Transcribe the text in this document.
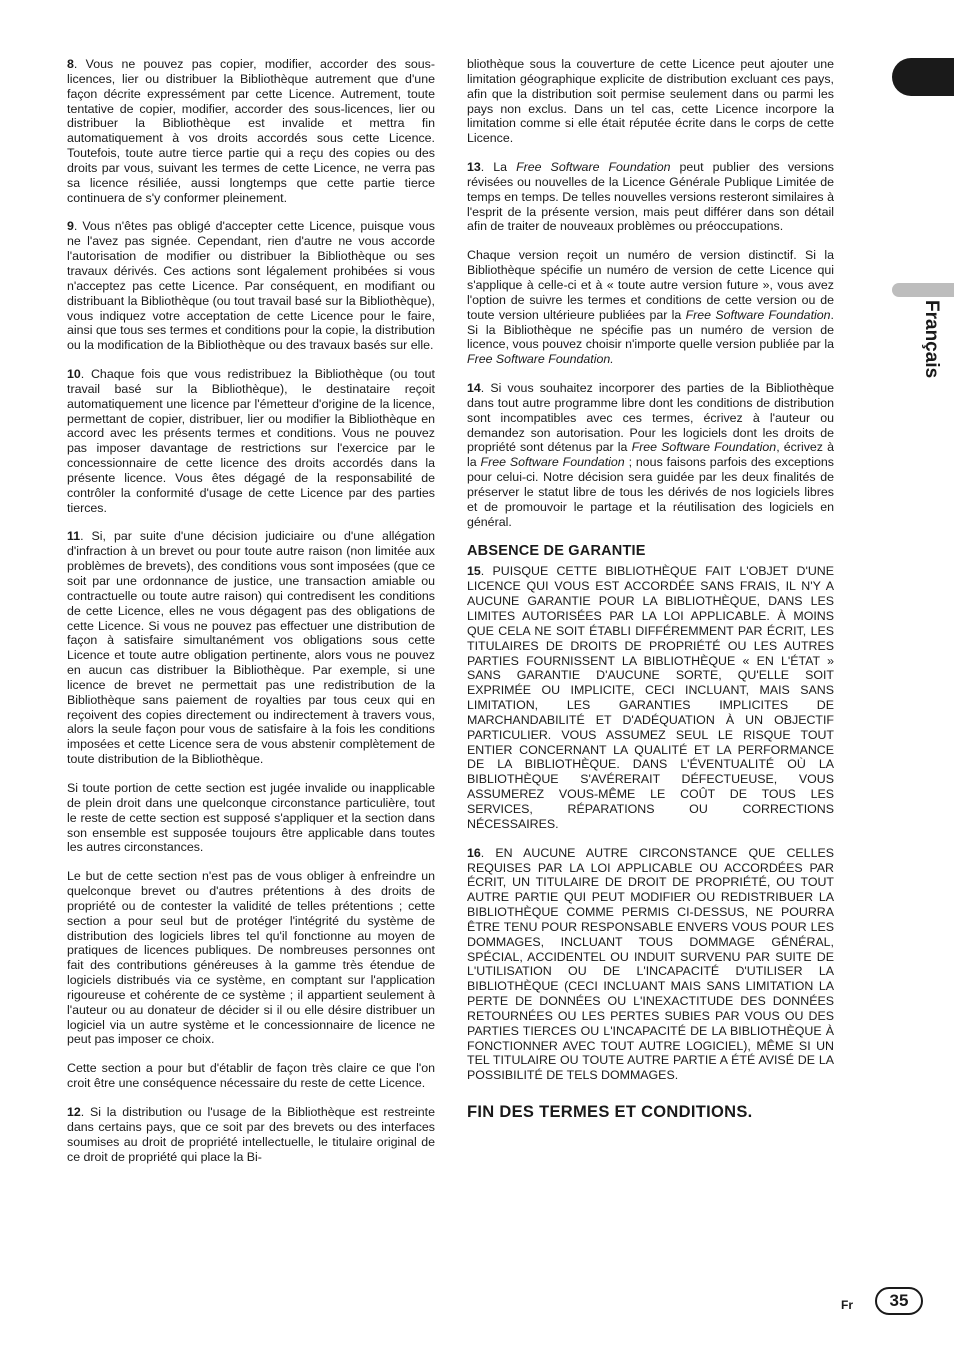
Français

8. Vous ne pouvez pas copier, modifier, accorder des sous-licences, lier ou distribuer la Bibliothèque autrement que d'une façon décrite expressément par cette Licence. Autrement, toute tentative de copier, modifier, accorder des sous-licences, lier ou distribuer la Bibliothèque est invalide et mettra fin automatiquement à vos droits accordés sous cette Licence. Toutefois, toute autre tierce partie qui a reçu des copies ou des droits par vous, suivant les termes de cette Licence, ne verra pas sa licence résiliée, aussi longtemps que cette partie tierce continuera de s'y conformer pleinement.

9. Vous n'êtes pas obligé d'accepter cette Licence, puisque vous ne l'avez pas signée. Cependant, rien d'autre ne vous accorde l'autorisation de modifier ou distribuer la Bibliothèque ou ses travaux dérivés. Ces actions sont légalement prohibées si vous n'acceptez pas cette Licence. Par conséquent, en modifiant ou distribuant la Bibliothèque (ou tout travail basé sur la Bibliothèque), vous indiquez votre acceptation de cette Licence pour le faire, ainsi que tous ses termes et conditions pour la copie, la distribution ou la modification de la Bibliothèque ou des travaux basés sur elle.

10. Chaque fois que vous redistribuez la Bibliothèque (ou tout travail basé sur la Bibliothèque), le destinataire reçoit automatiquement une licence par l'émetteur d'origine de la licence, permettant de copier, distribuer, lier ou modifier la Bibliothèque en accord avec les présents termes et conditions. Vous ne pouvez pas imposer davantage de restrictions sur l'exercice par le concessionnaire de cette licence des droits accordés dans la présente licence. Vous êtes dégagé de la responsabilité de contrôler la conformité d'usage de cette Licence par des parties tierces.

11. Si, par suite d'une décision judiciaire ou d'une allégation d'infraction à un brevet ou pour toute autre raison (non limitée aux problèmes de brevets), des conditions vous sont imposées (que ce soit par une ordonnance de justice, une transaction amiable ou contractuelle ou toute autre raison) qui contredisent les conditions de cette Licence, elles ne vous dégagent pas des obligations de cette Licence. Si vous ne pouvez pas effectuer une distribution de façon à satisfaire simultanément vos obligations sous cette Licence et toute autre obligation pertinente, alors vous ne pouvez en aucun cas distribuer la Bibliothèque. Par exemple, si une licence de brevet ne permettait pas une redistribution de la Bibliothèque sans paiement de royalties par tous ceux qui en reçoivent des copies directement ou indirectement à travers vous, alors la seule façon pour vous de satisfaire à la fois les conditions imposées et cette Licence sera de vous abstenir complètement de toute distribution de la Bibliothèque.

Si toute portion de cette section est jugée invalide ou inapplicable de plein droit dans une quelconque circonstance particulière, tout le reste de cette section est supposé s'appliquer et la section dans son ensemble est supposée toujours être applicable dans toutes les autres circonstances.

Le but de cette section n'est pas de vous obliger à enfreindre un quelconque brevet ou d'autres prétentions à des droits de propriété ou de contester la validité de telles prétentions ; cette section a pour seul but de protéger l'intégrité du système de distribution des logiciels libres tel qu'il fonctionne au moyen de pratiques de licences publiques. De nombreuses personnes ont fait des contributions généreuses à la gamme très étendue de logiciels distribués via ce système, en comptant sur l'application rigoureuse et cohérente de ce système ; il appartient seulement à l'auteur ou au donateur de décider si il ou elle désire distribuer un logiciel via un autre système et le concessionnaire de licence ne peut pas imposer ce choix.

Cette section a pour but d'établir de façon très claire ce que l'on croit être une conséquence nécessaire du reste de cette Licence.

12. Si la distribution ou l'usage de la Bibliothèque est restreinte dans certains pays, que ce soit par des brevets ou des interfaces soumises au droit de propriété intellectuelle, le titulaire original de ce droit de propriété qui place la Bi-

bliothèque sous la couverture de cette Licence peut ajouter une limitation géographique explicite de distribution excluant ces pays, afin que la distribution soit permise seulement dans ou parmi les pays non exclus. Dans un tel cas, cette Licence incorpore la limitation comme si elle était réputée écrite dans le corps de cette Licence.

13. La Free Software Foundation peut publier des versions révisées ou nouvelles de la Licence Générale Publique Limitée de temps en temps. De telles nouvelles versions resteront similaires à l'esprit de la présente version, mais peut différer dans son détail afin de traiter de nouveaux problèmes ou préoccupations.

Chaque version reçoit un numéro de version distinctif. Si la Bibliothèque spécifie un numéro de version de cette Licence qui s'applique à celle-ci et à « toute autre version future », vous avez l'option de suivre les termes et conditions de cette version ou de toute version ultérieure publiées par la Free Software Foundation. Si la Bibliothèque ne spécifie pas un numéro de version de licence, vous pouvez choisir n'importe quelle version publiée par la Free Software Foundation.

14. Si vous souhaitez incorporer des parties de la Bibliothèque dans tout autre programme libre dont les conditions de distribution sont incompatibles avec ces termes, écrivez à l'auteur ou demandez son autorisation. Pour les logiciels dont les droits de propriété sont détenus par la Free Software Foundation, écrivez à la Free Software Foundation ; nous faisons parfois des exceptions pour celui-ci. Notre décision sera guidée par les deux finalités de préserver le statut libre de tous les dérivés de nos logiciels libres et de promouvoir le partage et la réutilisation des logiciels en général.

ABSENCE DE GARANTIE

15. PUISQUE CETTE BIBLIOTHÈQUE FAIT L'OBJET D'UNE LICENCE QUI VOUS EST ACCORDÉE SANS FRAIS, IL N'Y A AUCUNE GARANTIE POUR LA BIBLIOTHÈQUE, DANS LES LIMITES AUTORISÉES PAR LA LOI APPLICABLE. À MOINS QUE CELA NE SOIT ÉTABLI DIFFÉREMMENT PAR ÉCRIT, LES TITULAIRES DE DROITS DE PROPRIÉTÉ OU LES AUTRES PARTIES FOURNISSENT LA BIBLIOTHÈQUE « EN L'ÉTAT » SANS GARANTIE D'AUCUNE SORTE, QU'ELLE SOIT EXPRIMÉE OU IMPLICITE, CECI INCLUANT, MAIS SANS LIMITATION, LES GARANTIES IMPLICITES DE MARCHANDABILITÉ ET D'ADÉQUATION À UN OBJECTIF PARTICULIER. VOUS ASSUMEZ SEUL LE RISQUE TOUT ENTIER CONCERNANT LA QUALITÉ ET LA PERFORMANCE DE LA BIBLIOTHÈQUE. DANS L'ÉVENTUALITÉ OÙ LA BIBLIOTHÈQUE S'AVÉRERAIT DÉFECTUEUSE, VOUS ASSUMEREZ VOUS-MÊME LE COÛT DE TOUS LES SERVICES, RÉPARATIONS OU CORRECTIONS NÉCESSAIRES.

16. EN AUCUNE AUTRE CIRCONSTANCE QUE CELLES REQUISES PAR LA LOI APPLICABLE OU ACCORDÉES PAR ÉCRIT, UN TITULAIRE DE DROIT DE PROPRIÉTÉ, OU TOUT AUTRE PARTIE QUI PEUT MODIFIER OU REDISTRIBUER LA BIBLIOTHÈQUE COMME PERMIS CI-DESSUS, NE POURRA ÊTRE TENU POUR RESPONSABLE ENVERS VOUS POUR LES DOMMAGES, INCLUANT TOUS DOMMAGE GÉNÉRAL, SPÉCIAL, ACCIDENTEL OU INDUIT SURVENU PAR SUITE DE L'UTILISATION OU DE L'INCAPACITÉ D'UTILISER LA BIBLIOTHÈQUE (CECI INCLUANT MAIS SANS LIMITATION LA PERTE DE DONNÉES OU L'INEXACTITUDE DES DONNÉES RETOURNÉES OU LES PERTES SUBIES PAR VOUS OU DES PARTIES TIERCES OU L'INCAPACITÉ DE LA BIBLIOTHÈQUE À FONCTIONNER AVEC TOUT AUTRE LOGICIEL), MÊME SI UN TEL TITULAIRE OU TOUTE AUTRE PARTIE A ÉTÉ AVISÉ DE LA POSSIBILITÉ DE TELS DOMMAGES.

FIN DES TERMES ET CONDITIONS.
Fr	35
